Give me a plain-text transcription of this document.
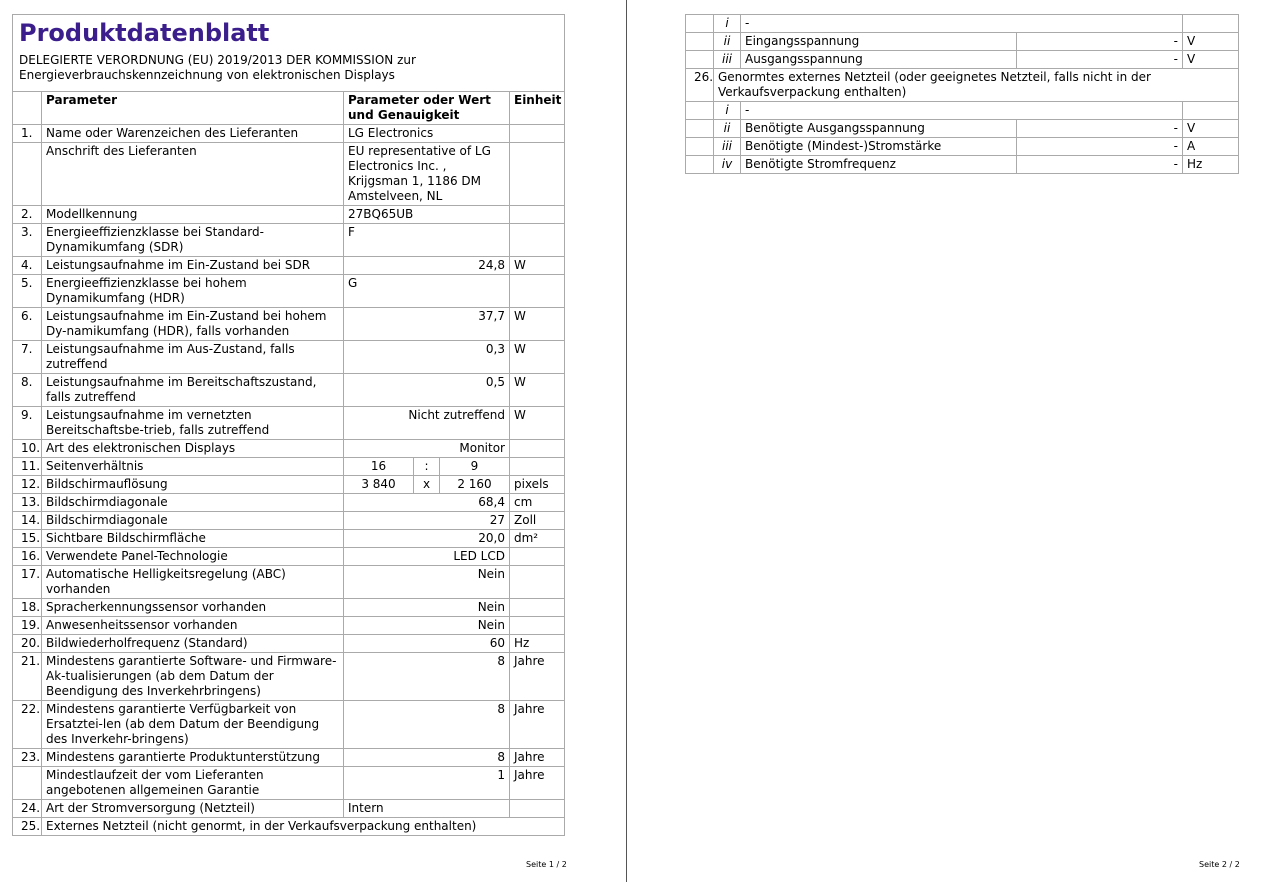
Produktdatenblatt
DELEGIERTE VERORDNUNG (EU) 2019/2013 DER KOMMISSION zur
Energieverbrauchskennzeichnung von elektronischen Displays					

	Parameter	Parameter oder Wert und Genauigkeit			Einheit
1.	Name oder Warenzeichen des Lieferanten	LG Electronics			
	Anschrift des Lieferanten	EU representative of LG Electronics Inc. , Krijgsman 1, 1186 DM Amstelveen, NL			
2.	Modellkennung	27BQ65UB			
3.	Energieeffizienzklasse bei Standard-Dynamikumfang (SDR)	F			
4.	Leistungsaufnahme im Ein-Zustand bei SDR	24,8			W
5.	Energieeffizienzklasse bei hohem Dynamikumfang (HDR)	G			
6.	Leistungsaufnahme im Ein-Zustand bei hohem Dy-namikumfang (HDR), falls vorhanden	37,7			W
7.	Leistungsaufnahme im Aus-Zustand, falls zutreffend	0,3			W
8.	Leistungsaufnahme im Bereitschaftszustand, falls zutreffend	0,5			W
9.	Leistungsaufnahme im vernetzten Bereitschaftsbe-trieb, falls zutreffend	Nicht zutreffend			W
10.	Art des elektronischen Displays	Monitor			
11.	Seitenverhältnis	16	:	9	
12.	Bildschirmauflösung	3 840	x	2 160	pixels
13.	Bildschirmdiagonale	68,4			cm
14.	Bildschirmdiagonale	27			Zoll
15.	Sichtbare Bildschirmfläche	20,0			dm²
16.	Verwendete Panel-Technologie	LED LCD			
17.	Automatische Helligkeitsregelung (ABC) vorhanden	Nein			
18.	Spracherkennungssensor vorhanden	Nein			
19.	Anwesenheitssensor vorhanden	Nein			
20.	Bildwiederholfrequenz (Standard)	60			Hz
21.	Mindestens garantierte Software- und Firmware-Ak-tualisierungen (ab dem Datum der Beendigung des Inverkehrbringens)	8			Jahre
22.	Mindestens garantierte Verfügbarkeit von Ersatztei-len (ab dem Datum der Beendigung des Inverkehr-bringens)	8			Jahre
23.	Mindestens garantierte Produktunterstützung	8			Jahre
	Mindestlaufzeit der vom Lieferanten angebotenen allgemeinen Garantie	1			Jahre
24.	Art der Stromversorgung (Netzteil)	Intern			
25.	Externes Netzteil (nicht genormt, in der Verkaufsverpackung enthalten)				
Seite 1 / 2
	i	-		
	ii	Eingangsspannung	-	V
	iii	Ausgangsspannung	-	V
26.	Genormtes externes Netzteil (oder geeignetes Netzteil, falls nicht in der Verkaufsverpackung enthalten)			
	i	-		
	ii	Benötigte Ausgangsspannung	-	V
	iii	Benötigte (Mindest-)Stromstärke	-	A
	iv	Benötigte Stromfrequenz	-	Hz
Seite 2 / 2
